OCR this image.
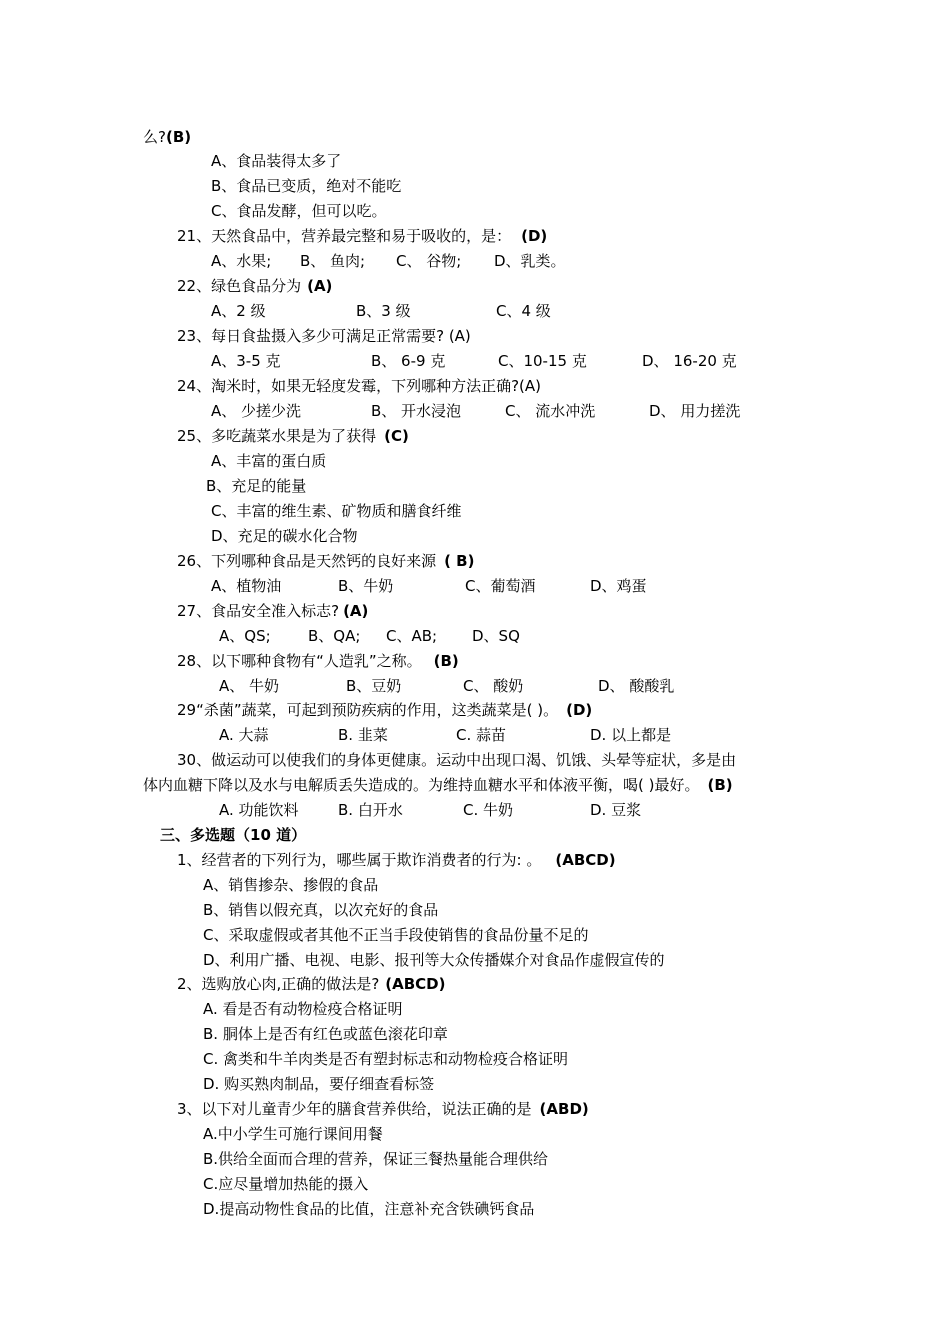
么?(B)
A、食品装得太多了
B、食品已变质，绝对不能吃
C、食品发酵，但可以吃。
21、天然食品中，营养最完整和易于吸收的，是： (D)
A、水果; B、 鱼肉; C、 谷物; D、乳类。
22、绿色食品分为 (A)
A、2 级	B、3 级	C、4 级
23、每日食盐摄入多少可满足正常需要? (A)
A、3-5 克	B、 6-9 克	C、10-15 克	D、 16-20 克
24、淘米时，如果无轻度发霉，下列哪种方法正确?(A)
A、 少搓少洗	B、 开水浸泡	C、 流水冲洗	D、 用力搓洗
25、多吃蔬菜水果是为了获得 (C)
A、丰富的蛋白质
B、充足的能量
C、丰富的维生素、矿物质和膳食纤维
D、充足的碳水化合物
26、下列哪种食品是天然钙的良好来源 ( B)
A、植物油	B、牛奶	C、葡萄酒	D、鸡蛋
27、食品安全准入标志? (A)
A、QS; B、QA; C、AB; D、SQ
28、以下哪种食物有“人造乳”之称。 (B)
A、 牛奶	B、豆奶	C、 酸奶	D、 酸酸乳
29“杀菌”蔬菜，可起到预防疾病的作用，这类蔬菜是( )。 (D)
A. 大蒜	B. 韭菜	C. 蒜苗	D. 以上都是
30、做运动可以使我们的身体更健康。运动中出现口渴、饥饿、头晕等症状，多是由
体内血糖下降以及水与电解质丢失造成的。为维持血糖水平和体液平衡，喝( )最好。 (B)
A. 功能饮料	B. 白开水	C. 牛奶	D. 豆浆
三、多选题（10 道）
1、经营者的下列行为，哪些属于欺诈消费者的行为: 。 (ABCD)
A、销售掺杂、掺假的食品
B、销售以假充真，以次充好的食品
C、采取虚假或者其他不正当手段使销售的食品份量不足的
D、利用广播、电视、电影、报刊等大众传播媒介对食品作虚假宣传的
2、选购放心肉,正确的做法是? (ABCD)
A. 看是否有动物检疫合格证明
B. 胴体上是否有红色或蓝色滚花印章
C. 禽类和牛羊肉类是否有塑封标志和动物检疫合格证明
D. 购买熟肉制品，要仔细查看标签
3、以下对儿童青少年的膳食营养供给，说法正确的是 (ABD)
A.中小学生可施行课间用餐
B.供给全面而合理的营养，保证三餐热量能合理供给
C.应尽量增加热能的摄入
D.提高动物性食品的比值，注意补充含铁碘钙食品
